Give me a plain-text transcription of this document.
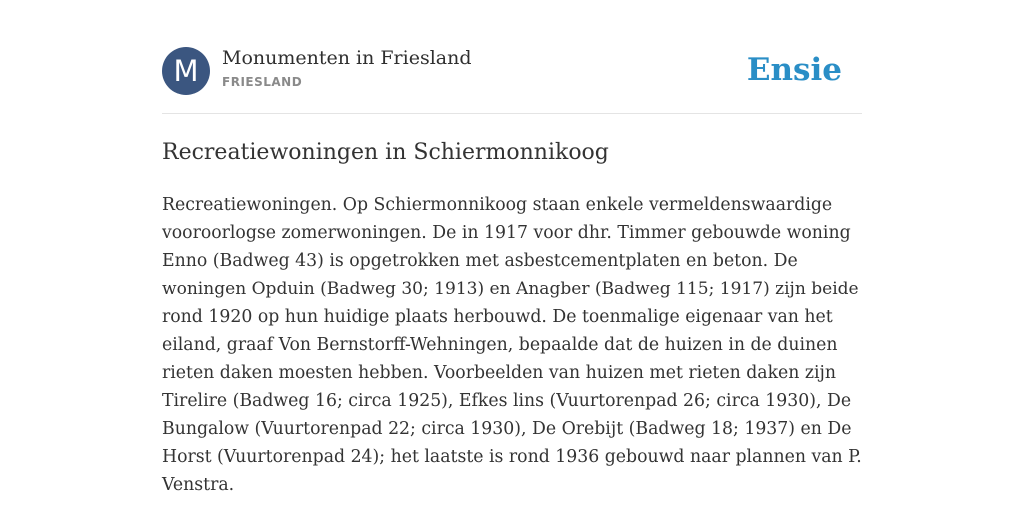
M	Monumenten in Friesland
FRIESLAND	Ensie
Recreatiewoningen in Schiermonnikoog
Recreatiewoningen. Op Schiermonnikoog staan enkele vermeldenswaardige
vooroorlogse zomerwoningen. De in 1917 voor dhr. Timmer gebouwde woning
Enno (Badweg 43) is opgetrokken met asbestcementplaten en beton. De
woningen Opduin (Badweg 30; 1913) en Anagber (Badweg 115; 1917) zijn beide
rond 1920 op hun huidige plaats herbouwd. De toenmalige eigenaar van het
eiland, graaf Von Bernstorff-Wehningen, bepaalde dat de huizen in de duinen
rieten daken moesten hebben. Voorbeelden van huizen met rieten daken zijn
Tirelire (Badweg 16; circa 1925), Efkes lins (Vuurtorenpad 26; circa 1930), De
Bungalow (Vuurtorenpad 22; circa 1930), De Orebijt (Badweg 18; 1937) en De
Horst (Vuurtorenpad 24); het laatste is rond 1936 gebouwd naar plannen van P.
Venstra.
